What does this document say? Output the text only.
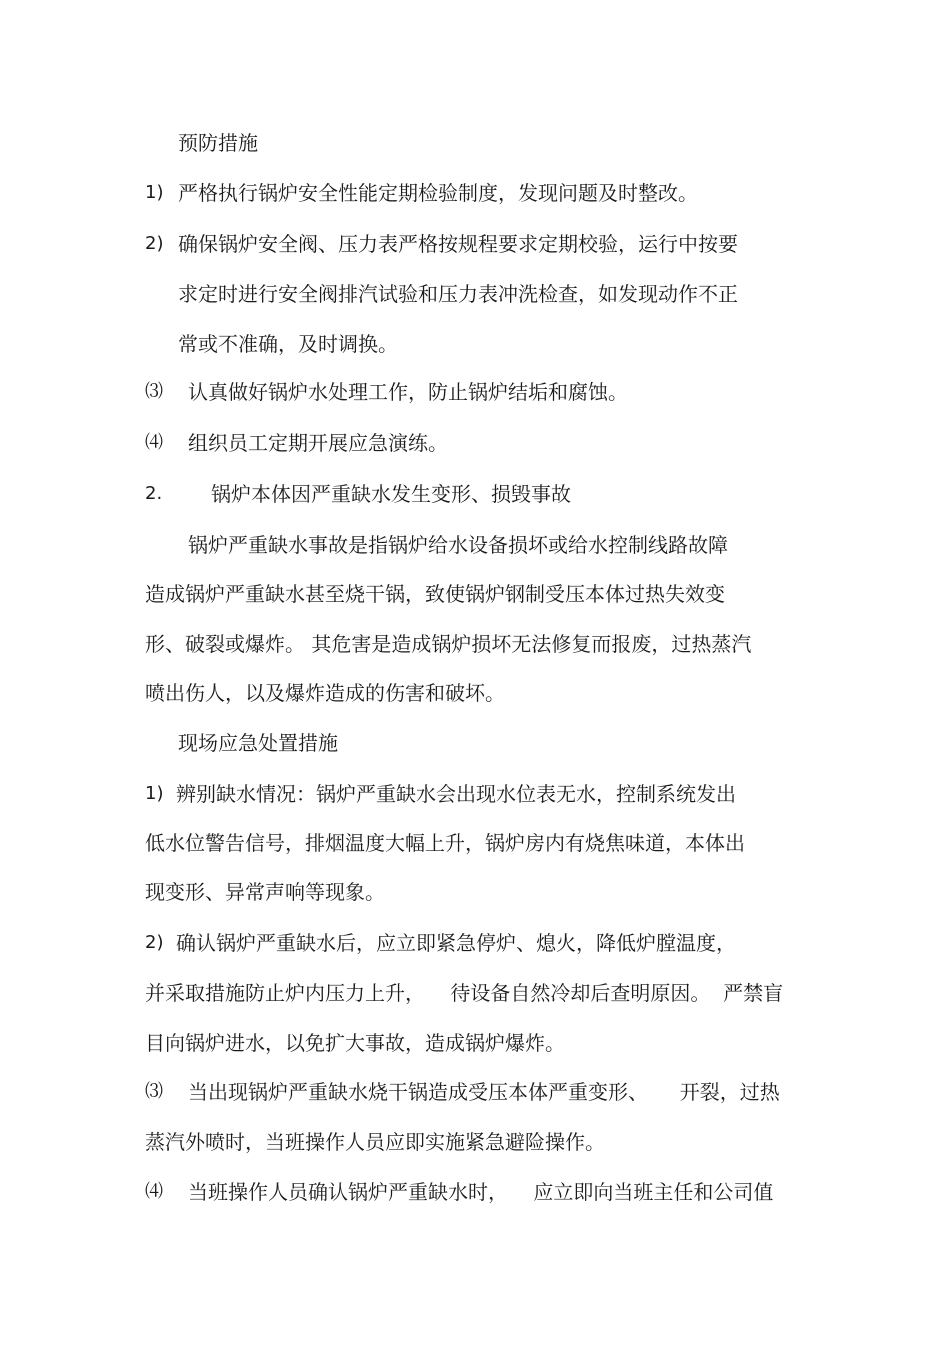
预防措施
1) 严格执行锅炉安全性能定期检验制度，发现问题及时整改。
2) 确保锅炉安全阀、压力表严格按规程要求定期校验，运行中按要
求定时进行安全阀排汽试验和压力表冲洗检查，如发现动作不正
常或不准确，及时调换。
⑶ 认真做好锅炉水处理工作，防止锅炉结垢和腐蚀。
⑷ 组织员工定期开展应急演练。
2. 锅炉本体因严重缺水发生变形、损毁事故
锅炉严重缺水事故是指锅炉给水设备损坏或给水控制线路故障
造成锅炉严重缺水甚至烧干锅，致使锅炉钢制受压本体过热失效变
形、破裂或爆炸。 其危害是造成锅炉损坏无法修复而报废，过热蒸汽
喷出伤人，以及爆炸造成的伤害和破坏。
现场应急处置措施
1) 辨别缺水情况：锅炉严重缺水会出现水位表无水，控制系统发出
低水位警告信号，排烟温度大幅上升，锅炉房内有烧焦味道，本体出
现变形、异常声响等现象。
2) 确认锅炉严重缺水后，应立即紧急停炉、熄火，降低炉膛温度，
并采取措施防止炉内压力上升，    待设备自然冷却后查明原因。  严禁盲
目向锅炉进水，以免扩大事故，造成锅炉爆炸。
⑶ 当出现锅炉严重缺水烧干锅造成受压本体严重变形、     开裂，过热
蒸汽外喷时，当班操作人员应即实施紧急避险操作。
⑷ 当班操作人员确认锅炉严重缺水时，    应立即向当班主任和公司值
